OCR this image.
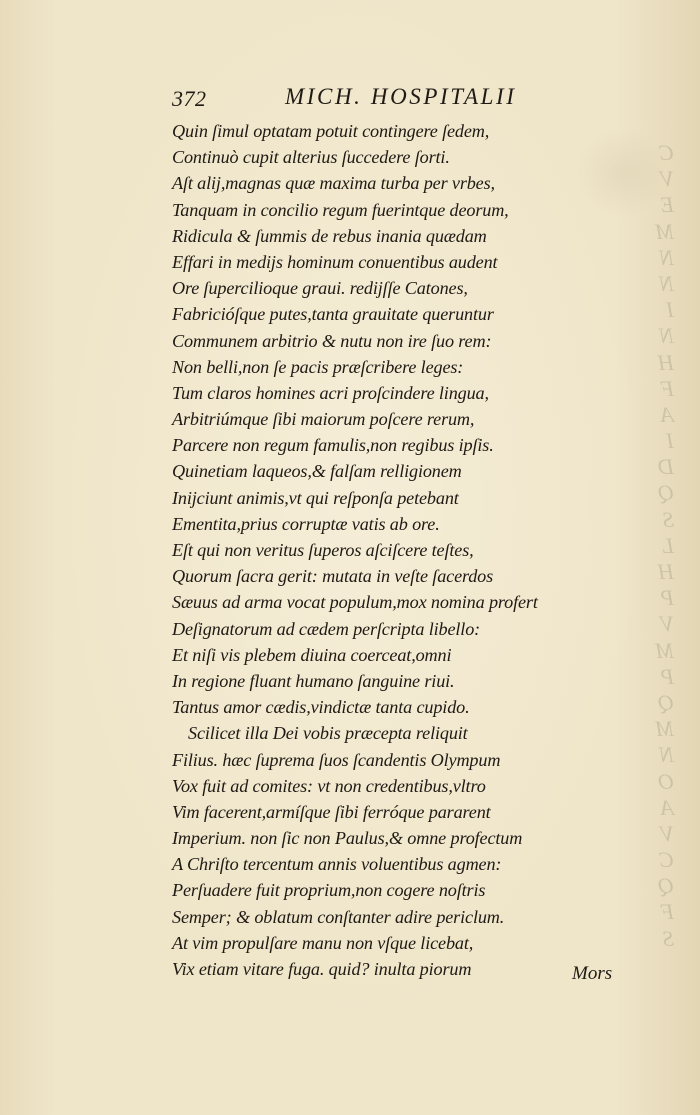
C
E
M
N
N
I
N
H
F
A
I
D
Q
S
L
H
P
V
M
P
Q
M
N
O
A
V
C
Q
F
S
372	MICH. HOSPITALII
Quin ſimul optatam potuit contingere ſedem,
Continuò cupit alterius ſuccedere ſorti.
Aſt alij,magnas quæ maxima turba per vrbes,
Tanquam in concilio regum fuerintque deorum,
Ridicula & ſummis de rebus inania quædam
Effari in medijs hominum conuentibus audent
Ore ſupercilioque graui. rediјſſe Catones,
Fabricióſque putes,tanta grauitate queruntur
Communem arbitrio & nutu non ire ſuo rem:
Non belli,non ſe pacis præſcribere leges:
Tum claros homines acri proſcindere lingua,
Arbitriúmque ſibi maiorum poſcere rerum,
Parcere non regum famulis,non regibus ipſis.
Quinetiam laqueos,& falſam relligionem
Iniјciunt animis,vt qui reſponſa petebant
Ementita,prius corruptæ vatis ab ore.
Eſt qui non veritus ſuperos aſciſcere teſtes,
Quorum ſacra gerit: mutata in veſte ſacerdos
Sæuus ad arma vocat populum,mox nomina profert
Deſignatorum ad cædem perſcripta libello:
Et niſi vis plebem diuina coerceat,omni
In regione fluant humano ſanguine riui.
Tantus amor cædis,vindictæ tanta cupido.
Scilicet illa Dei vobis præcepta reliquit
Filius. hæc ſuprema ſuos ſcandentis Olympum
Vox fuit ad comites: vt non credentibus,vltro
Vim facerent,armíſque ſibi ferróque pararent
Imperium. non ſic non Paulus,& omne profectum
A Chriſto tercentum annis voluentibus agmen:
Perſuadere fuit proprium,non cogere noſtris
Semper; & oblatum conſtanter adire periclum.
At vim propulſare manu non vſque licebat,
Vix etiam vitare fuga. quid? inulta piorum	Mors
